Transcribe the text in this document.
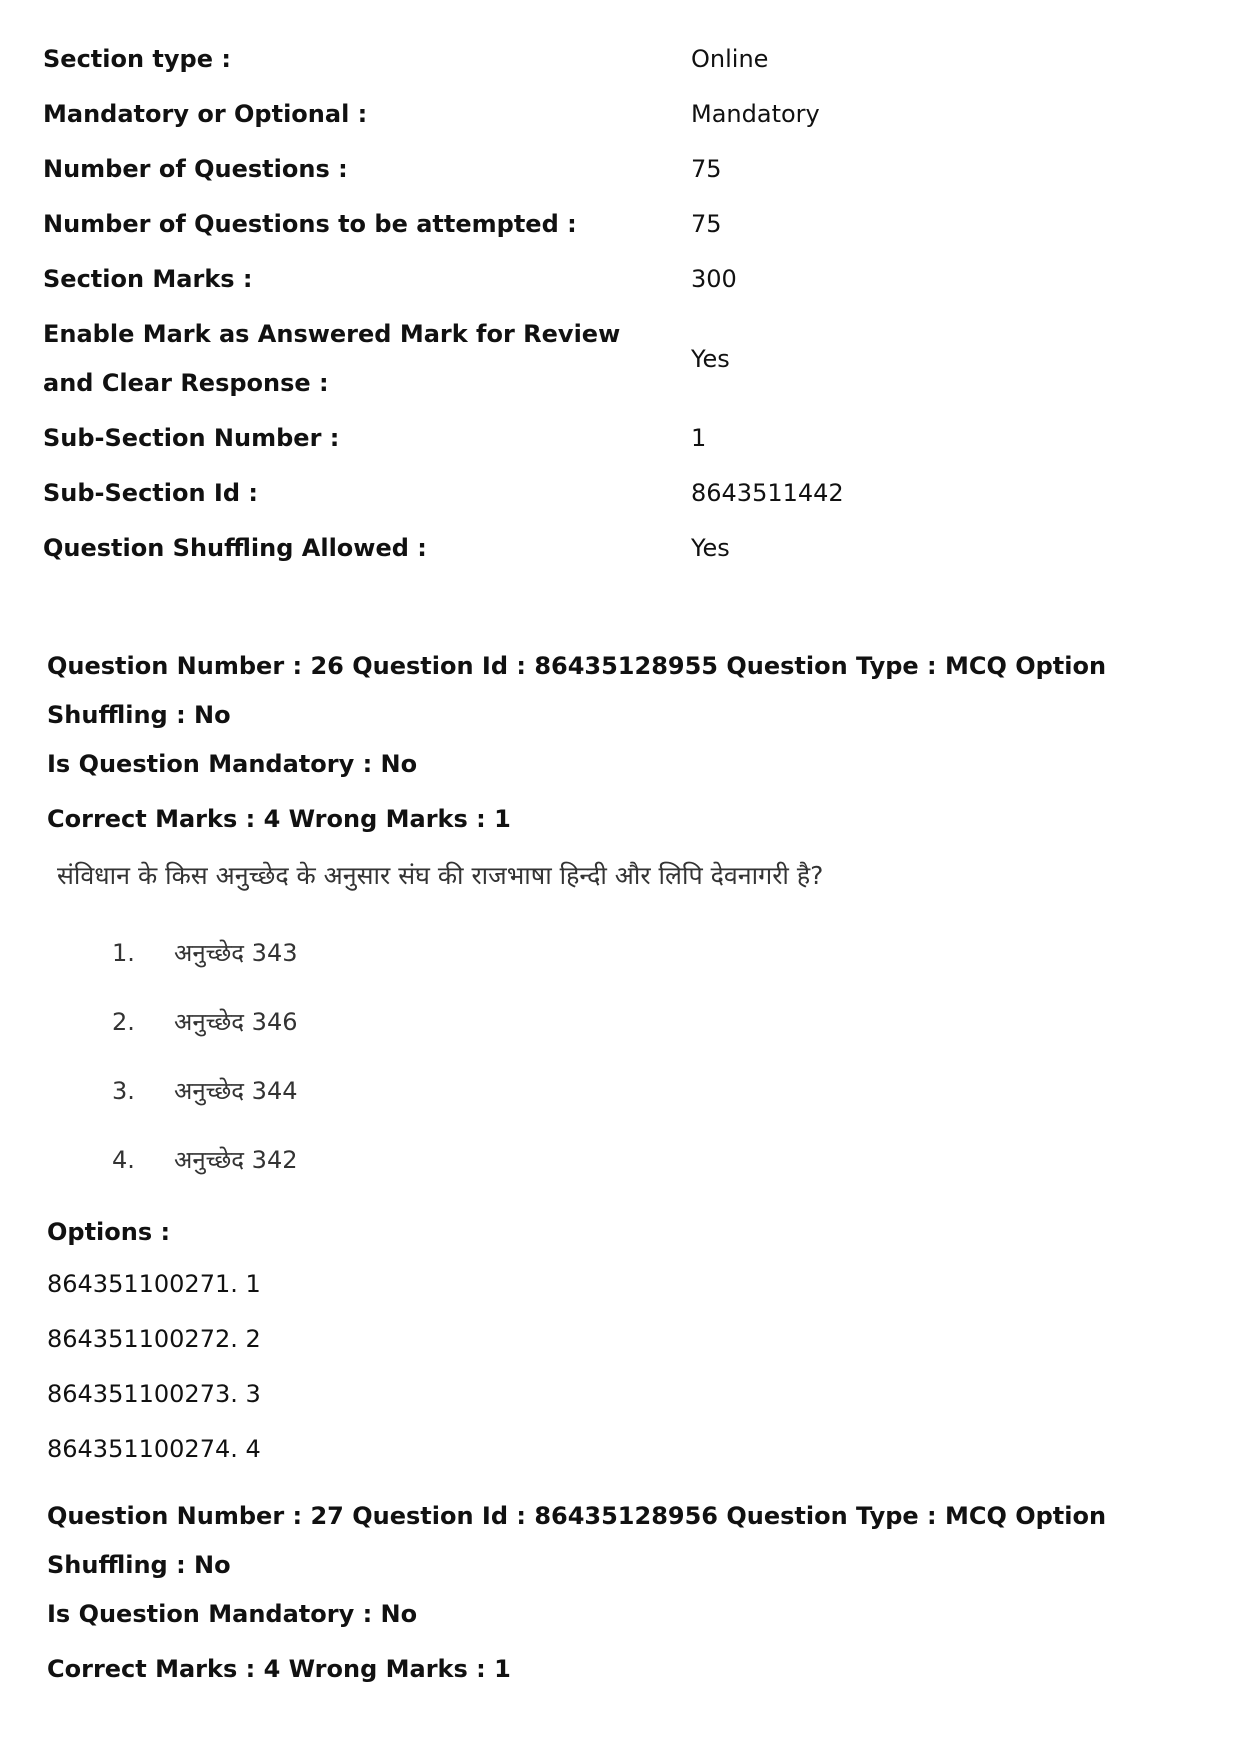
Section type :	Online
Mandatory or Optional :	Mandatory
Number of Questions :	75
Number of Questions to be attempted :	75
Section Marks :	300
Enable Mark as Answered Mark for Review and Clear Response :
Yes
Sub-Section Number :	1
Sub-Section Id :	8643511442
Question Shuffling Allowed :	Yes
Question Number : 26 Question Id : 86435128955 Question Type : MCQ Option Shuffling : No
Is Question Mandatory : No
Correct Marks : 4 Wrong Marks : 1
संविधान के किस अनुच्छेद के अनुसार संघ की राजभाषा हिन्दी और लिपि देवनागरी है?
1.	अनुच्छेद 343
2.	अनुच्छेद 346
3.	अनुच्छेद 344
4.	अनुच्छेद 342
Options :
864351100271. 1
864351100272. 2
864351100273. 3
864351100274. 4
Question Number : 27 Question Id : 86435128956 Question Type : MCQ Option Shuffling : No
Is Question Mandatory : No
Correct Marks : 4 Wrong Marks : 1
